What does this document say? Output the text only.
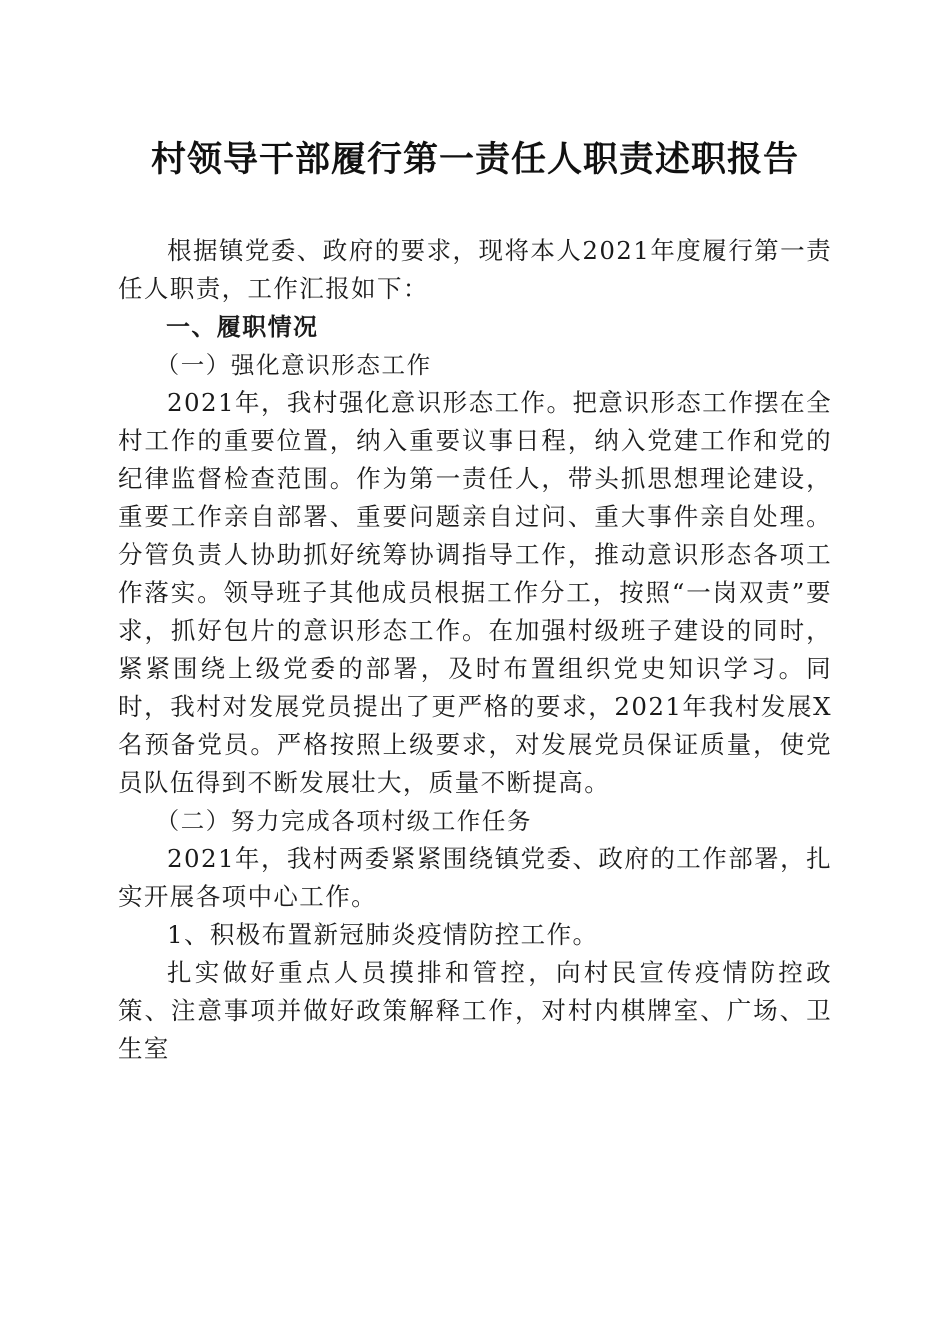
村领导干部履行第一责任人职责述职报告

根据镇党委、政府的要求，现将本人2021年度履行第一责任人职责，工作汇报如下：

一、履职情况

（一）强化意识形态工作

2021年，我村强化意识形态工作。把意识形态工作摆在全村工作的重要位置，纳入重要议事日程，纳入党建工作和党的纪律监督检查范围。作为第一责任人，带头抓思想理论建设，重要工作亲自部署、重要问题亲自过问、重大事件亲自处理。分管负责人协助抓好统筹协调指导工作，推动意识形态各项工作落实。领导班子其他成员根据工作分工，按照“一岗双责”要求，抓好包片的意识形态工作。在加强村级班子建设的同时，紧紧围绕上级党委的部署，及时布置组织党史知识学习。同时，我村对发展党员提出了更严格的要求，2021年我村发展X名预备党员。严格按照上级要求，对发展党员保证质量，使党员队伍得到不断发展壮大，质量不断提高。

（二）努力完成各项村级工作任务

2021年，我村两委紧紧围绕镇党委、政府的工作部署，扎实开展各项中心工作。

1、积极布置新冠肺炎疫情防控工作。

扎实做好重点人员摸排和管控，向村民宣传疫情防控政策、注意事项并做好政策解释工作，对村内棋牌室、广场、卫生室
